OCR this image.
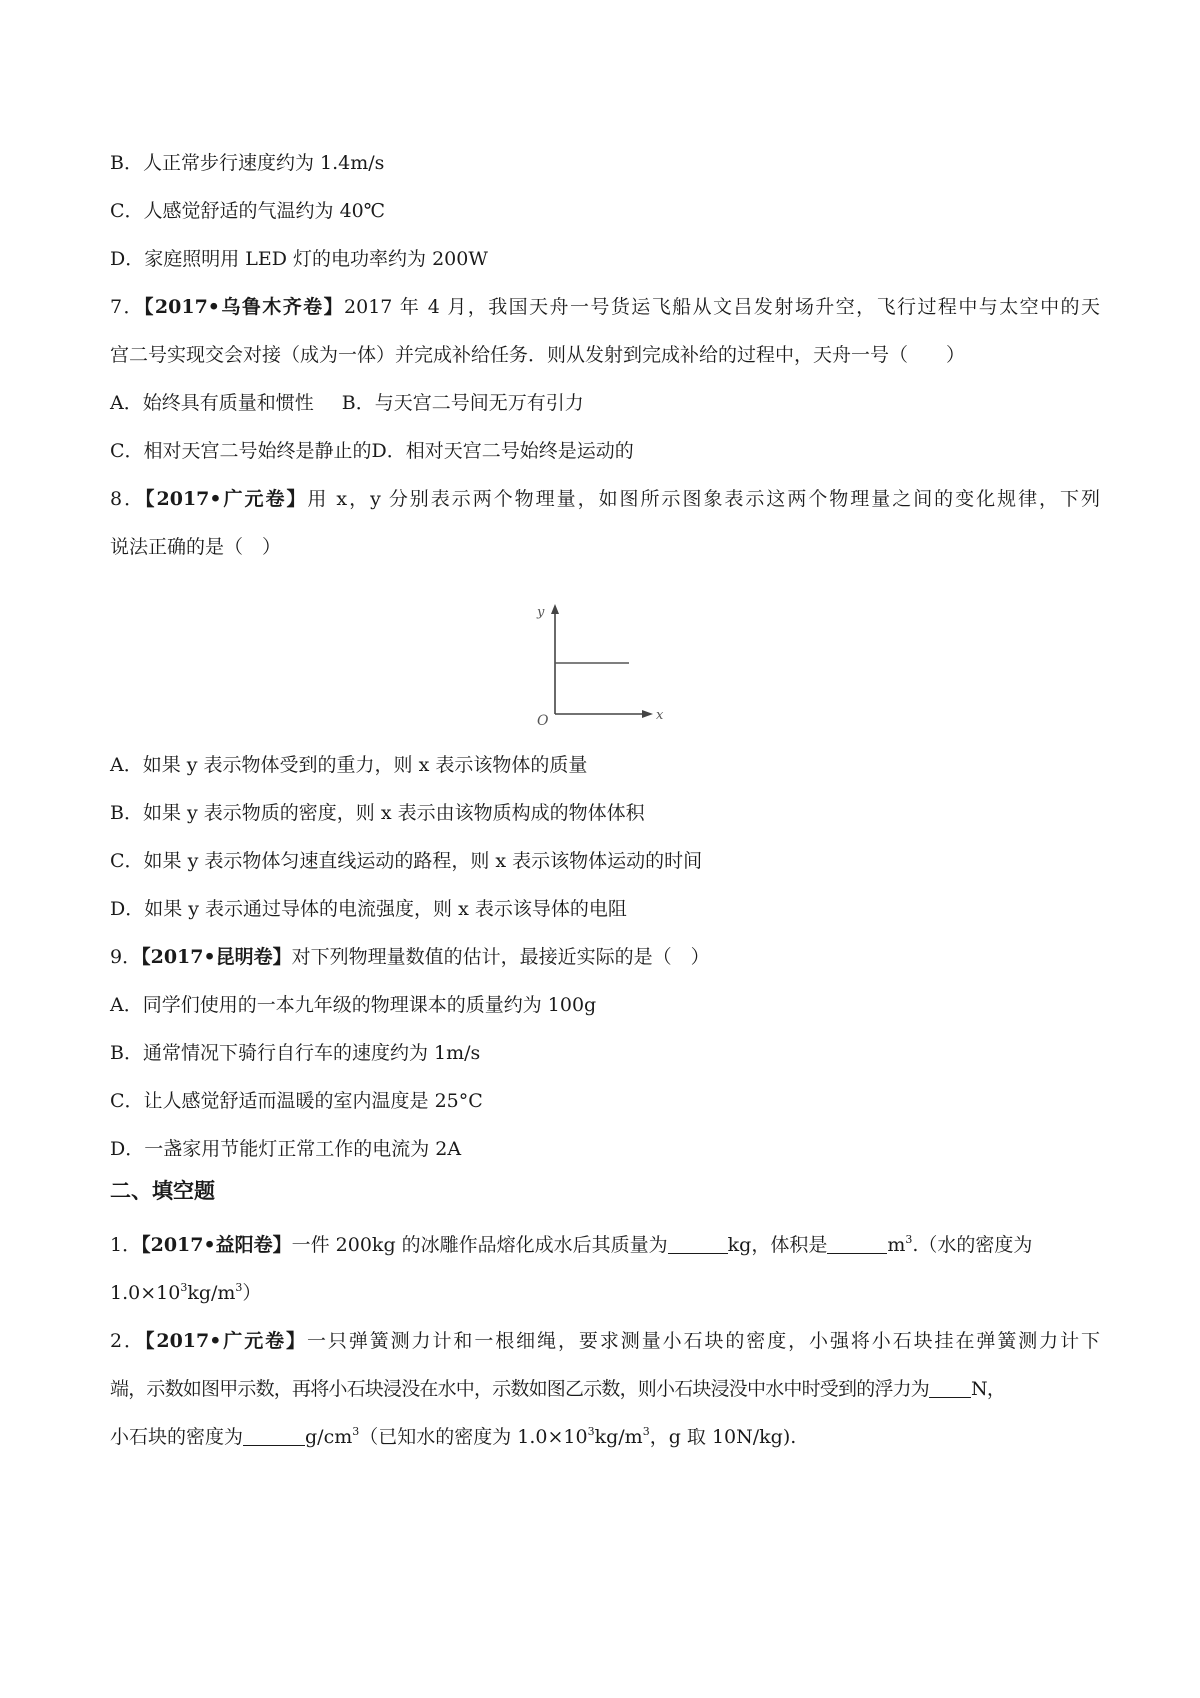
B．人正常步行速度约为 1.4m/s
C．人感觉舒适的气温约为 40℃
D．家庭照明用 LED 灯的电功率约为 200W
7．【2017•乌鲁木齐卷】2017 年 4 月，我国天舟一号货运飞船从文吕发射场升空，飞行过程中与太空中的天
宫二号实现交会对接（成为一体）并完成补给任务．则从发射到完成补给的过程中，天舟一号（　　）
A．始终具有质量和惯性 B．与天宫二号间无万有引力
C．相对天宫二号始终是静止的D．相对天宫二号始终是运动的
8．【2017•广元卷】用 x，y 分别表示两个物理量，如图所示图象表示这两个物理量之间的变化规律，下列
说法正确的是（　）
y
x
O
A．如果 y 表示物体受到的重力，则 x 表示该物体的质量
B．如果 y 表示物质的密度，则 x 表示由该物质构成的物体体积
C．如果 y 表示物体匀速直线运动的路程，则 x 表示该物体运动的时间
D．如果 y 表示通过导体的电流强度，则 x 表示该导体的电阻
9．【2017•昆明卷】对下列物理量数值的估计，最接近实际的是（　）
A．同学们使用的一本九年级的物理课本的质量约为 100g
B．通常情况下骑行自行车的速度约为 1m/s
C．让人感觉舒适而温暖的室内温度是 25°C
D．一盏家用节能灯正常工作的电流为 2A
二、填空题
1．【2017•益阳卷】一件 200kg 的冰雕作品熔化成水后其质量为	kg，体积是	$m^3$.（水的密度为
$1.0\times 10^3kg/m^3$）
2．【2017•广元卷】一只弹簧测力计和一根细绳，要求测量小石块的密度，小强将小石块挂在弹簧测力计下
端，示数如图甲示数，再将小石块浸没在水中，示数如图乙示数，则小石块浸没中水中时受到的浮力为 N，
小石块的密度为	$g/cm^3$（已知水的密度为 $1.0\times 10^3kg/m^3$，g 取 10N/kg).
